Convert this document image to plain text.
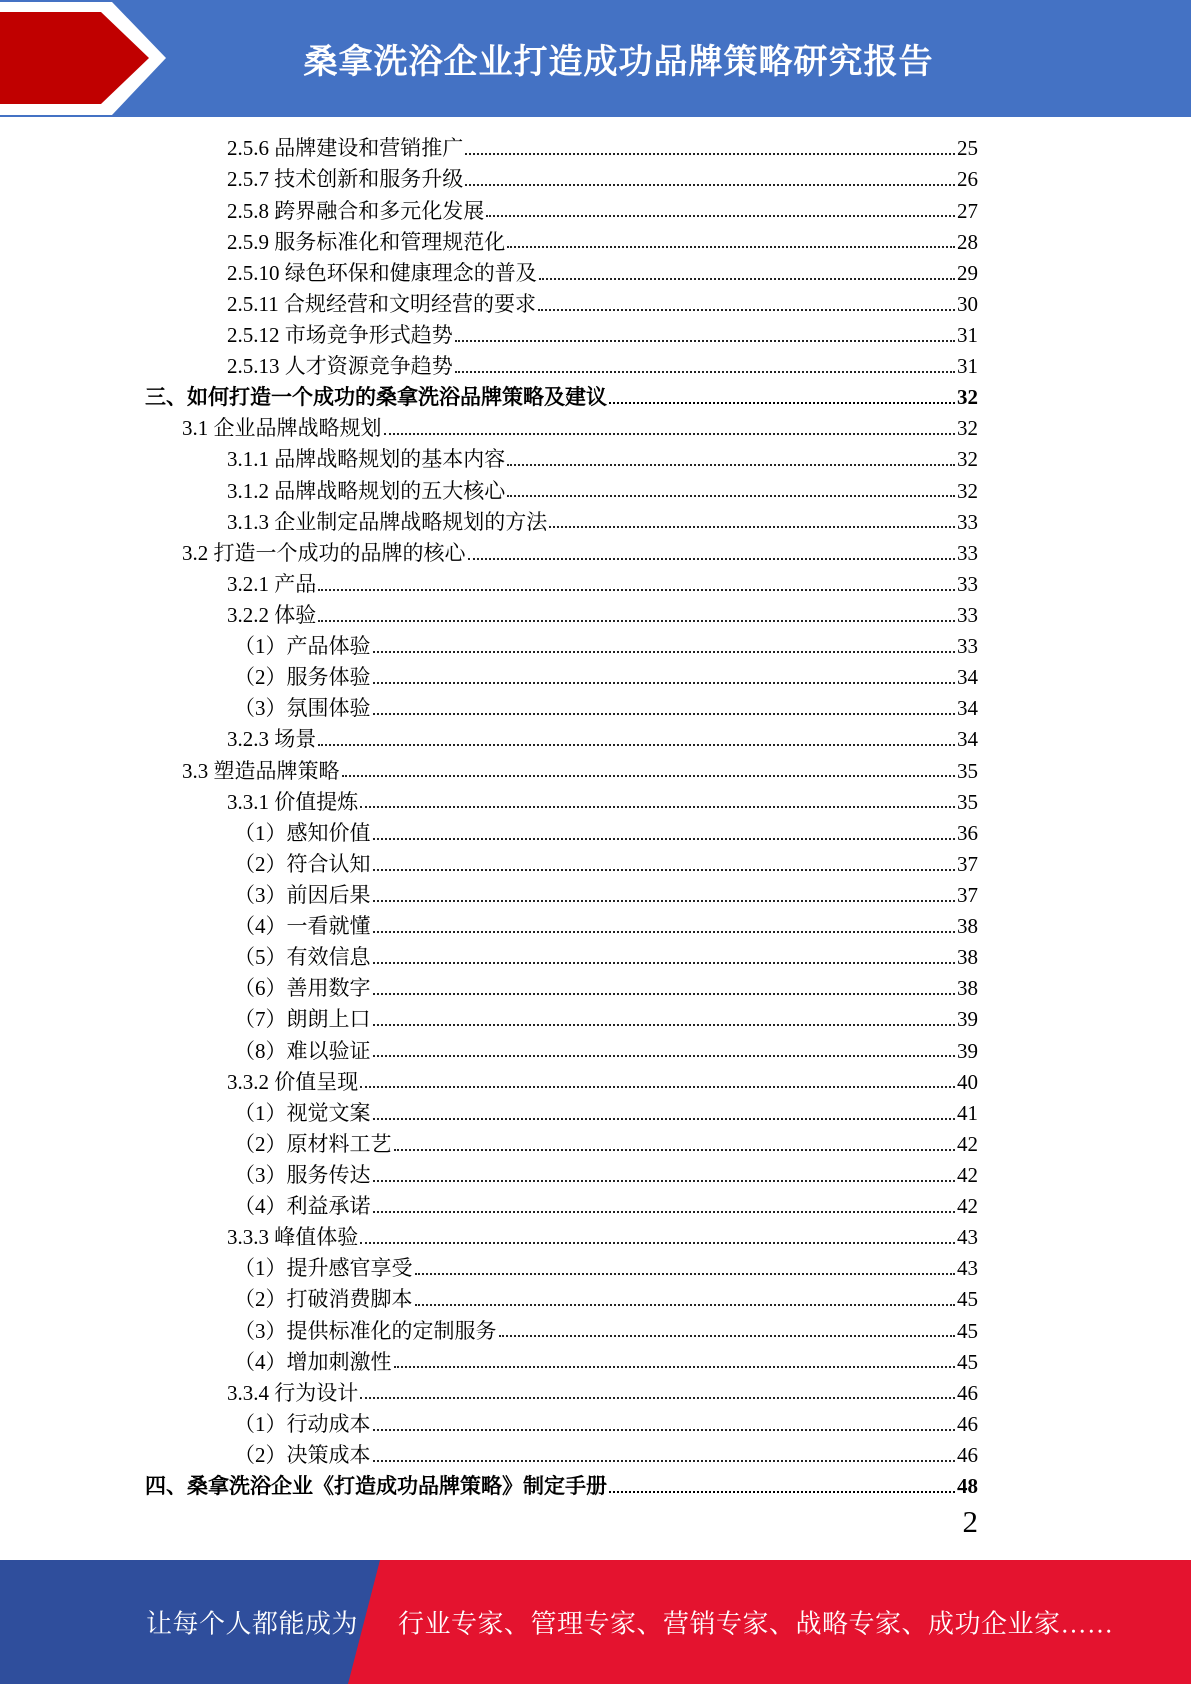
桑拿洗浴企业打造成功品牌策略研究报告
2.5.6 品牌建设和营销推广	25
2.5.7 技术创新和服务升级	26
2.5.8 跨界融合和多元化发展	27
2.5.9 服务标准化和管理规范化	28
2.5.10 绿色环保和健康理念的普及	29
2.5.11 合规经营和文明经营的要求	30
2.5.12 市场竞争形式趋势	31
2.5.13 人才资源竞争趋势	31
三、如何打造一个成功的桑拿洗浴品牌策略及建议	32
3.1 企业品牌战略规划	32
3.1.1 品牌战略规划的基本内容	32
3.1.2 品牌战略规划的五大核心	32
3.1.3 企业制定品牌战略规划的方法	33
3.2 打造一个成功的品牌的核心	33
3.2.1 产品	33
3.2.2 体验	33
（1）产品体验	33
（2）服务体验	34
（3）氛围体验	34
3.2.3 场景	34
3.3 塑造品牌策略	35
3.3.1 价值提炼	35
（1）感知价值	36
（2）符合认知	37
（3）前因后果	37
（4）一看就懂	38
（5）有效信息	38
（6）善用数字	38
（7）朗朗上口	39
（8）难以验证	39
3.3.2 价值呈现	40
（1）视觉文案	41
（2）原材料工艺	42
（3）服务传达	42
（4）利益承诺	42
3.3.3 峰值体验	43
（1）提升感官享受	43
（2）打破消费脚本	45
（3）提供标准化的定制服务	45
（4）增加刺激性	45
3.3.4 行为设计	46
（1）行动成本	46
（2）决策成本	46
四、桑拿洗浴企业《打造成功品牌策略》制定手册	48
2
让每个人都能成为 行业专家、管理专家、营销专家、战略专家、成功企业家……
